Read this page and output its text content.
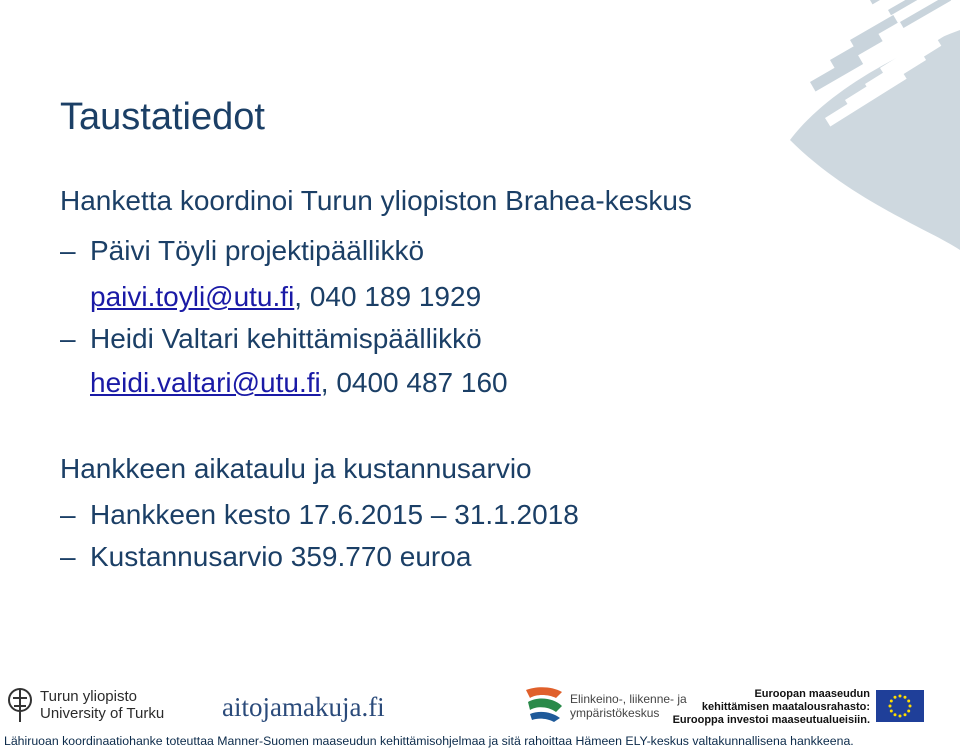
Taustatiedot
Hanketta koordinoi Turun yliopiston Brahea-keskus
– Päivi Töyli projektipäällikkö
paivi.toyli@utu.fi, 040 189 1929
– Heidi Valtari kehittämispäällikkö
heidi.valtari@utu.fi, 0400 487 160
Hankkeen aikataulu ja kustannusarvio
– Hankkeen kesto 17.6.2015 – 31.1.2018
– Kustannusarvio 359.770 euroa
Turun yliopisto
University of Turku aitojamakuja.fi	Elinkeino-, liikenne- ja
ympäristökeskus
Euroopan maaseudun
kehittämisen maatalousrahasto:
Eurooppa investoi maaseutualueisiin.
Lähiruoan koordinaatiohanke toteuttaa Manner-Suomen maaseudun kehittämisohjelmaa ja sitä rahoittaa Hämeen ELY-keskus valtakunnallisena hankkeena.
